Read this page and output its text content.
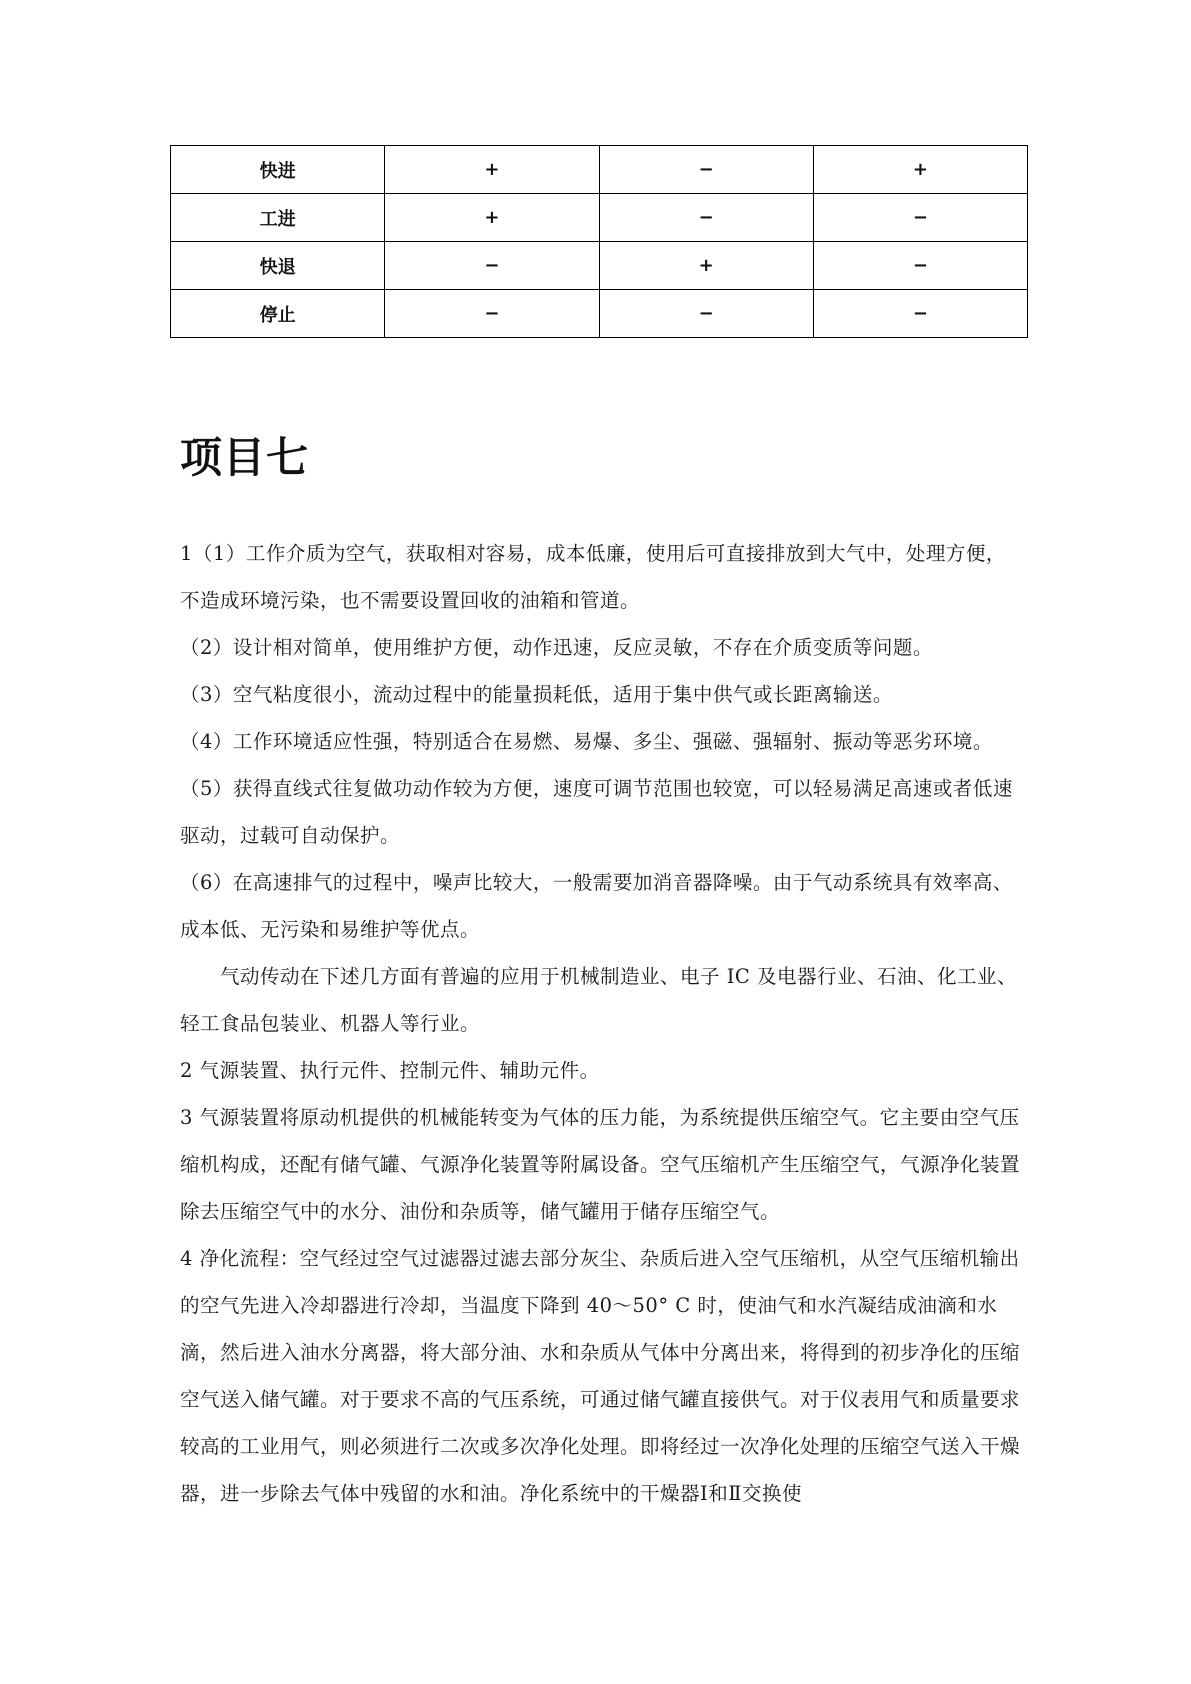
快进	+	−	+
工进	+	−	−
快退	−	+	−
停止	−	−	−
项目七

1（1）工作介质为空气，获取相对容易，成本低廉，使用后可直接排放到大气中，处理方便，不造成环境污染，也不需要设置回收的油箱和管道。

（2）设计相对简单，使用维护方便，动作迅速，反应灵敏，不存在介质变质等问题。

（3）空气粘度很小，流动过程中的能量损耗低，适用于集中供气或长距离输送。

（4）工作环境适应性强，特别适合在易燃、易爆、多尘、强磁、强辐射、振动等恶劣环境。

（5）获得直线式往复做功动作较为方便，速度可调节范围也较宽，可以轻易满足高速或者低速驱动，过载可自动保护。

（6）在高速排气的过程中，噪声比较大，一般需要加消音器降噪。由于气动系统具有效率高、成本低、无污染和易维护等优点。

气动传动在下述几方面有普遍的应用于机械制造业、电子 IC 及电器行业、石油、化工业、轻工食品包装业、机器人等行业。

2 气源装置、执行元件、控制元件、辅助元件。

3 气源装置将原动机提供的机械能转变为气体的压力能，为系统提供压缩空气。它主要由空气压缩机构成，还配有储气罐、气源净化装置等附属设备。空气压缩机产生压缩空气，气源净化装置除去压缩空气中的水分、油份和杂质等，储气罐用于储存压缩空气。

4 净化流程：空气经过空气过滤器过滤去部分灰尘、杂质后进入空气压缩机，从空气压缩机输出的空气先进入冷却器进行冷却，当温度下降到 40～50° C 时，使油气和水汽凝结成油滴和水滴，然后进入油水分离器，将大部分油、水和杂质从气体中分离出来，将得到的初步净化的压缩空气送入储气罐。对于要求不高的气压系统，可通过储气罐直接供气。对于仪表用气和质量要求较高的工业用气，则必须进行二次或多次净化处理。即将经过一次净化处理的压缩空气送入干燥器，进一步除去气体中残留的水和油。净化系统中的干燥器Ⅰ和Ⅱ交换使
